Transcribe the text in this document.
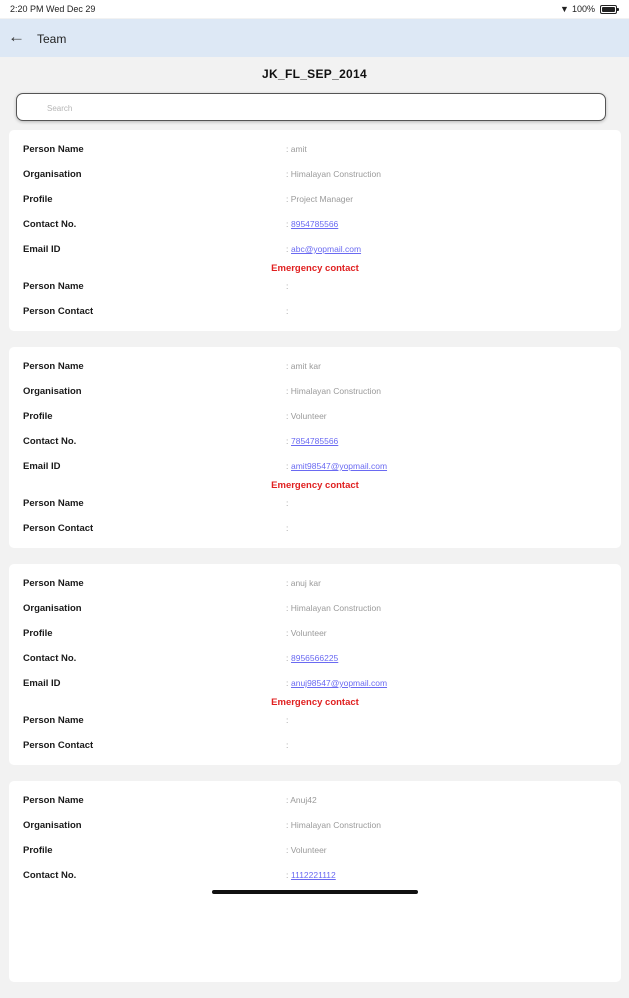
2:20 PM Wed Dec 29	▼ 100%
← Team
JK_FL_SEP_2014
Search
Person Name	: amit
Organisation	: Himalayan Construction
Profile	: Project Manager
Contact No.	: 8954785566
Email ID	: abc@yopmail.com
Emergency contact
Person Name	:
Person Contact	:
Person Name	: amit kar
Organisation	: Himalayan Construction
Profile	: Volunteer
Contact No.	: 7854785566
Email ID	: amit98547@yopmail.com
Emergency contact
Person Name	:
Person Contact	:
Person Name	: anuj kar
Organisation	: Himalayan Construction
Profile	: Volunteer
Contact No.	: 8956566225
Email ID	: anuj98547@yopmail.com
Emergency contact
Person Name	:
Person Contact	:
Person Name	: Anuj42
Organisation	: Himalayan Construction
Profile	: Volunteer
Contact No.	: 1112221112
